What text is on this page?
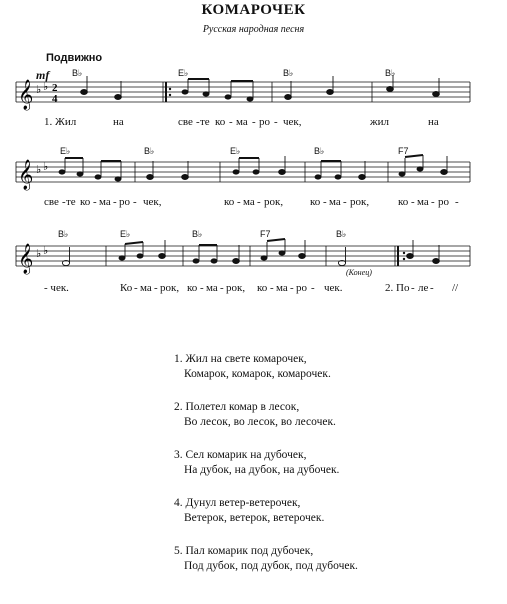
КОМАРОЧЕК
Русская народная песня
Подвижно
mf
𝄞 ♭ ♭ 2
4
B♭	E♭	B♭	B♭
1. Жил	на	све - те ко - ма - ро - чек,	жил	на
𝄞 ♭ ♭
E♭	B♭	E♭	B♭	F7
све - те ко - ма - ро - чек,	ко - ма - рок, ко - ма - рок,	ко - ма - ро -
𝄞 ♭ ♭
B♭	E♭	B♭	F7	B♭
(Конец)
- чек.	Ко - ма - рок, ко - ма - рок, ко - ма - ро - чек.	2. По - ле - //
1. Жил на свете комарочек,
Комарок, комарок, комарочек.
2. Полетел комар в лесок,
Во лесок, во лесок, во лесочек.
3. Сел комарик на дубочек,
На дубок, на дубок, на дубочек.
4. Дунул ветер-ветерочек,
Ветерок, ветерок, ветерочек.
5. Пал комарик под дубочек,
Под дубок, под дубок, под дубочек.
